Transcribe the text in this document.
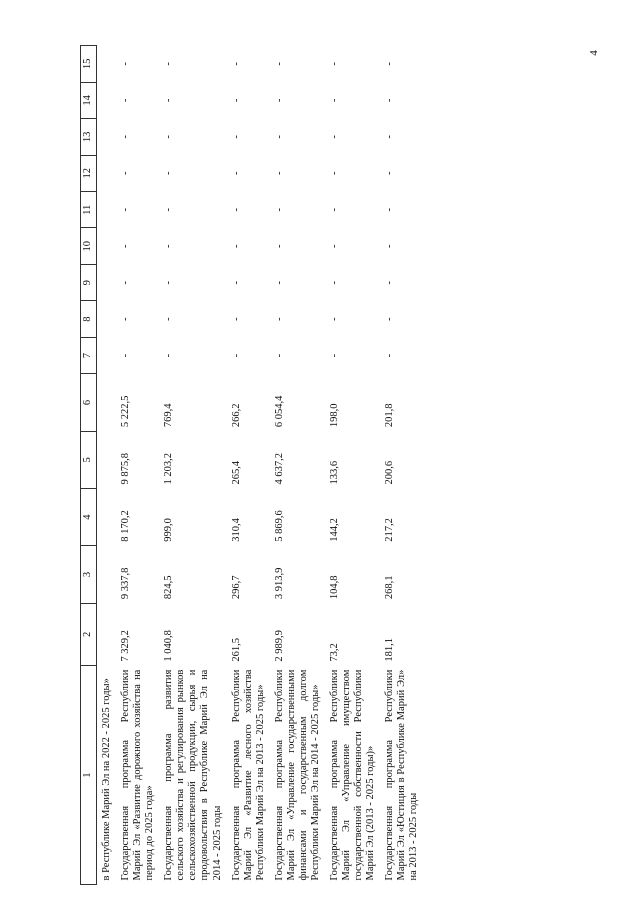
4
1	2	3	4	5	6	7	8	9	10	11	12	13	14	15
в Республике Марий Эл на 2022 - 2025 годы»														
Государственная программа Республики Марий Эл «Развитие дорожного хозяйства на период до 2025 года»	7 329,2	9 337,8	8 170,2	9 875,8	5 222,5	-	-	-	-	-	-	-	-	-
Государственная программа развития сельского хозяйства и регулирования рынков сельскохозяйственной продукции, сырья и продовольствия в Республике Марий Эл на 2014 - 2025 годы	1 040,8	824,5	999,0	1 203,2	769,4	-	-	-	-	-	-	-	-	-
Государственная программа Республики Марий Эл «Развитие лесного хозяйства Республики Марий Эл на 2013 - 2025 годы»	261,5	296,7	310,4	265,4	266,2	-	-	-	-	-	-	-	-	-
Государственная программа Республики Марий Эл «Управление государственными финансами и государственным долгом Республики Марий Эл на 2014 - 2025 годы»	2 989,9	3 913,9	5 869,6	4 637,2	6 054,4	-	-	-	-	-	-	-	-	-
Государственная программа Республики Марий Эл «Управление имуществом государственной собственности Республики Марий Эл (2013 - 2025 годы)»	73,2	104,8	144,2	133,6	198,0	-	-	-	-	-	-	-	-	-
Государственная программа Республики Марий Эл «Юстиция в Республике Марий Эл» на 2013 - 2025 годы	181,1	268,1	217,2	200,6	201,8	-	-	-	-	-	-	-	-	-
